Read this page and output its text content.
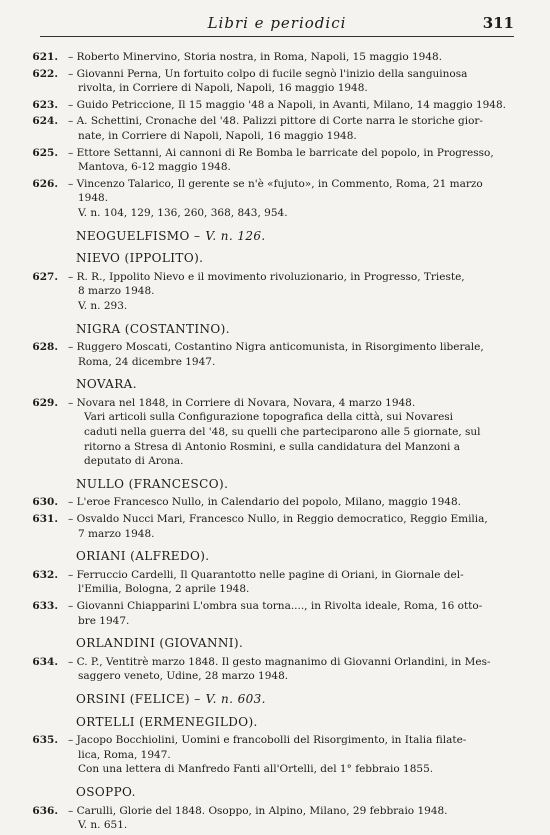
Libri e periodici	311
621. – Roberto Minervino, Storia nostra, in Roma, Napoli, 15 maggio 1948.
622. – Giovanni Perna, Un fortuito colpo di fucile segnò l'inizio della sanguinosa
rivolta, in Corriere di Napoli, Napoli, 16 maggio 1948.
623. – Guido Petriccione, Il 15 maggio '48 a Napoli, in Avanti, Milano, 14 maggio 1948.
624. – A. Schettini, Cronache del '48. Palizzi pittore di Corte narra le storiche gior-
nate, in Corriere di Napoli, Napoli, 16 maggio 1948.
625. – Ettore Settanni, Ai cannoni di Re Bomba le barricate del popolo, in Progresso,
Mantova, 6-12 maggio 1948.
626. – Vincenzo Talarico, Il gerente se n'è «fujuto», in Commento, Roma, 21 marzo
1948.
V. n. 104, 129, 136, 260, 368, 843, 954.
NEOGUELFISMO – V. n. 126.
NIEVO (IPPOLITO).
627. – R. R., Ippolito Nievo e il movimento rivoluzionario, in Progresso, Trieste,
8 marzo 1948.
V. n. 293.
NIGRA (COSTANTINO).
628. – Ruggero Moscati, Costantino Nigra anticomunista, in Risorgimento liberale,
Roma, 24 dicembre 1947.
NOVARA.
629. – Novara nel 1848, in Corriere di Novara, Novara, 4 marzo 1948.
Vari articoli sulla Configurazione topografica della città, sui Novaresi
caduti nella guerra del '48, su quelli che parteciparono alle 5 giornate, sul
ritorno a Stresa di Antonio Rosmini, e sulla candidatura del Manzoni a
deputato di Arona.
NULLO (FRANCESCO).
630. – L'eroe Francesco Nullo, in Calendario del popolo, Milano, maggio 1948.
631. – Osvaldo Nucci Mari, Francesco Nullo, in Reggio democratico, Reggio Emilia,
7 marzo 1948.
ORIANI (ALFREDO).
632. – Ferruccio Cardelli, Il Quarantotto nelle pagine di Oriani, in Giornale del-
l'Emilia, Bologna, 2 aprile 1948.
633. – Giovanni Chiapparini L'ombra sua torna...., in Rivolta ideale, Roma, 16 otto-
bre 1947.
ORLANDINI (GIOVANNI).
634. – C. P., Ventitrè marzo 1848. Il gesto magnanimo di Giovanni Orlandini, in Mes-
saggero veneto, Udine, 28 marzo 1948.
ORSINI (FELICE) – V. n. 603.
ORTELLI (ERMENEGILDO).
635. – Jacopo Bocchiolini, Uomini e francobolli del Risorgimento, in Italia filate-
lica, Roma, 1947.
Con una lettera di Manfredo Fanti all'Ortelli, del 1° febbraio 1855.
OSOPPO.
636. – Carulli, Glorie del 1848. Osoppo, in Alpino, Milano, 29 febbraio 1948.
V. n. 651.
